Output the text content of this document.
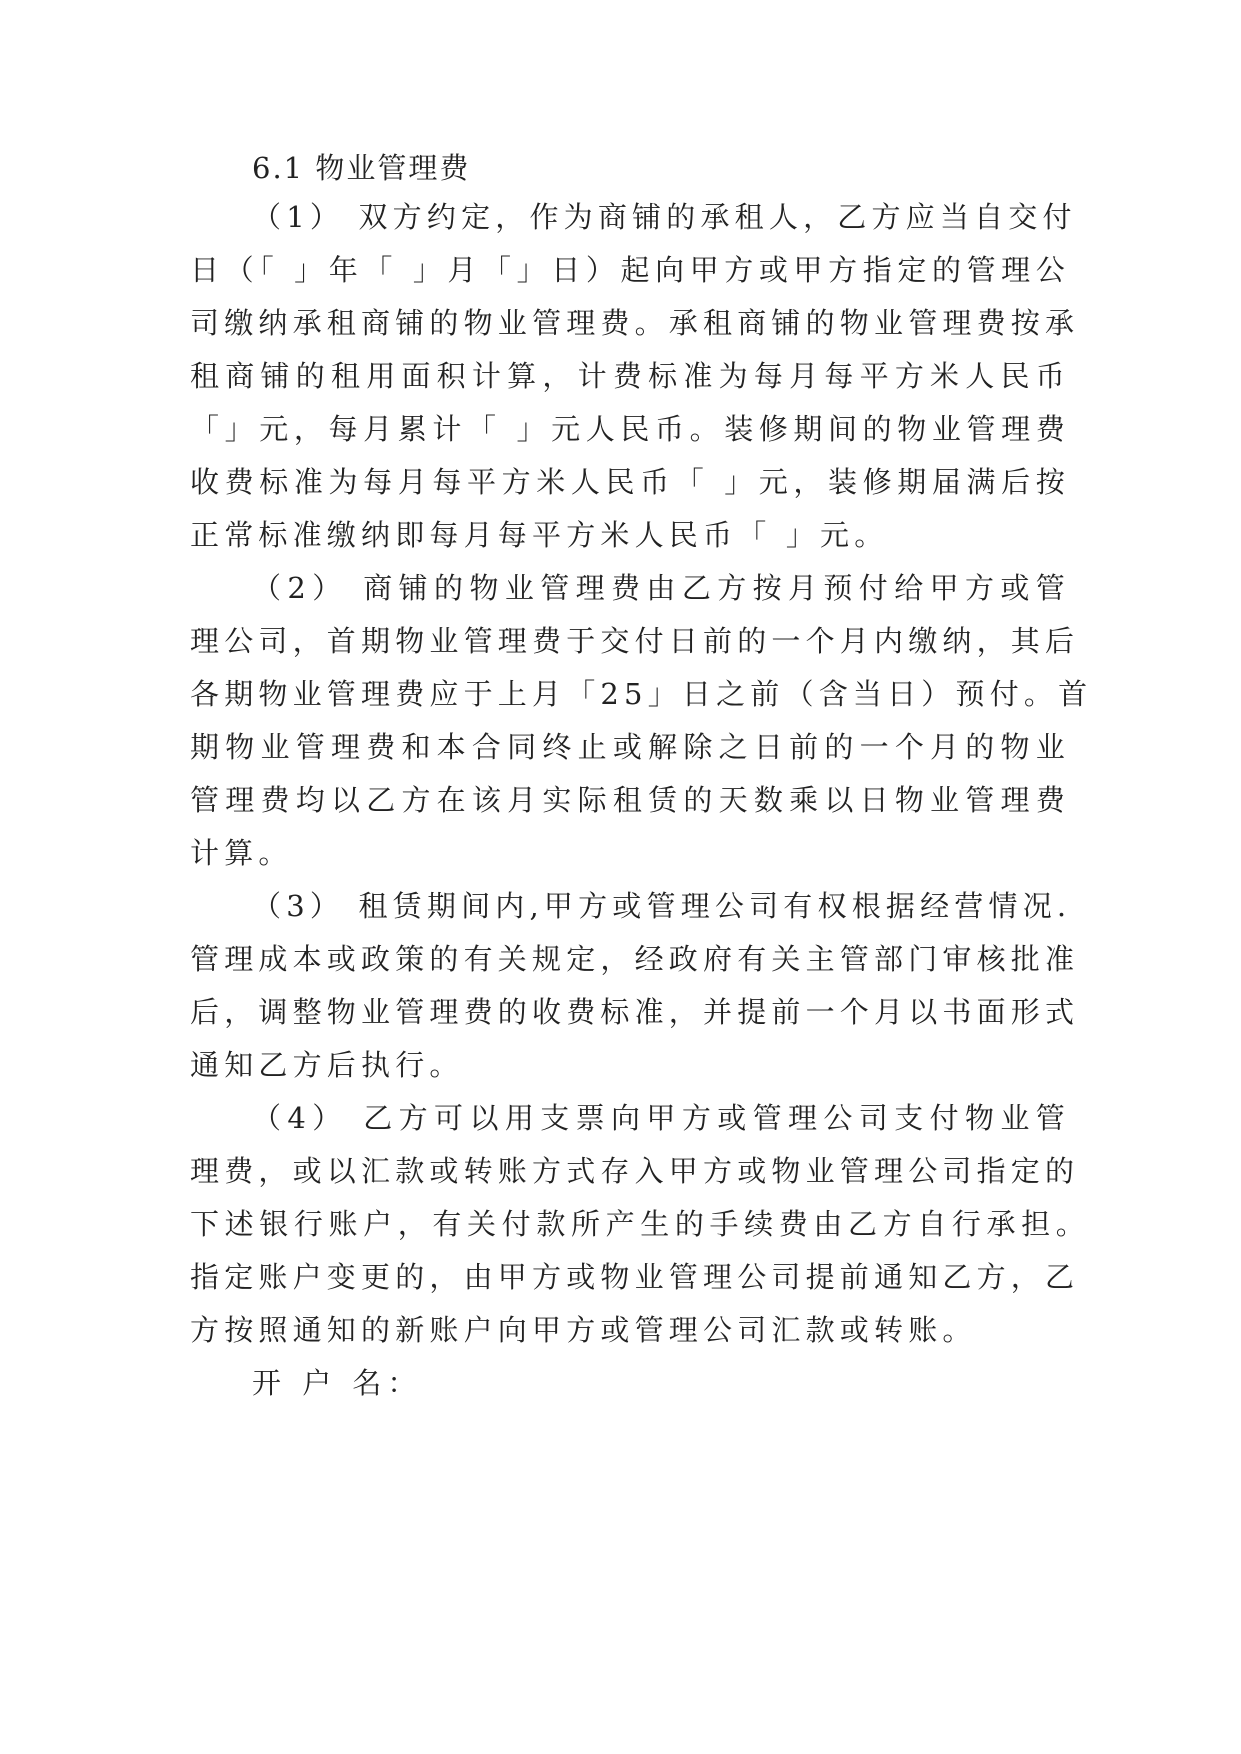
6.1 物业管理费
（1） 双方约定，作为商铺的承租人，乙方应当自交付
日（「 」年「 」月「」日）起向甲方或甲方指定的管理公
司缴纳承租商铺的物业管理费。承租商铺的物业管理费按承
租商铺的租用面积计算，计费标准为每月每平方米人民币
「」元，每月累计「 」元人民币。装修期间的物业管理费
收费标准为每月每平方米人民币「 」元，装修期届满后按
正常标准缴纳即每月每平方米人民币「 」元。
（2） 商铺的物业管理费由乙方按月预付给甲方或管
理公司，首期物业管理费于交付日前的一个月内缴纳，其后
各期物业管理费应于上月「25」日之前（含当日）预付。首
期物业管理费和本合同终止或解除之日前的一个月的物业
管理费均以乙方在该月实际租赁的天数乘以日物业管理费
计算。
（3） 租赁期间内,甲方或管理公司有权根据经营情况.
管理成本或政策的有关规定，经政府有关主管部门审核批准
后，调整物业管理费的收费标准，并提前一个月以书面形式
通知乙方后执行。
（4） 乙方可以用支票向甲方或管理公司支付物业管
理费，或以汇款或转账方式存入甲方或物业管理公司指定的
下述银行账户，有关付款所产生的手续费由乙方自行承担。
指定账户变更的，由甲方或物业管理公司提前通知乙方，乙
方按照通知的新账户向甲方或管理公司汇款或转账。
开 户 名：
